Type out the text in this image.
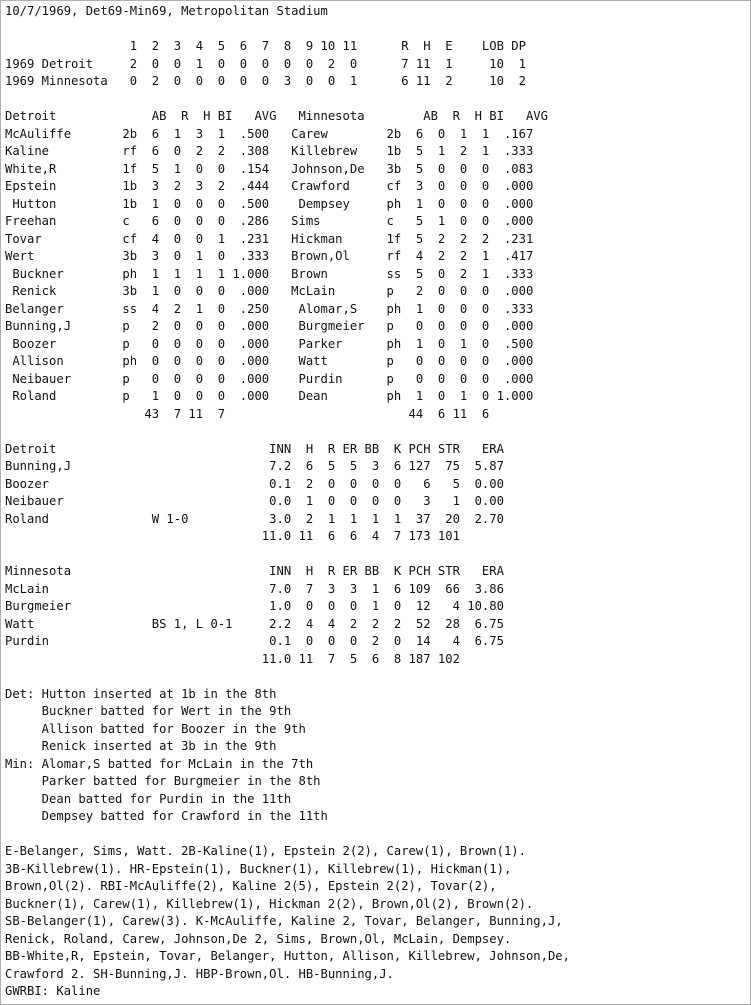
10/7/1969, Det69-Min69, Metropolitan Stadium
1  2  3  4  5  6  7  8  9 10 11      R  H  E    LOB DP
1969 Detroit     2  0  0  1  0  0  0  0  0  2  0      7 11  1     10  1
1969 Minnesota   0  2  0  0  0  0  0  3  0  0  1      6 11  2     10  2
Detroit             AB  R  H BI   AVG   Minnesota        AB  R  H BI   AVG
McAuliffe       2b  6  1  3  1  .500   Carew        2b  6  0  1  1  .167
Kaline          rf  6  0  2  2  .308   Killebrew    1b  5  1  2  1  .333
White,R         1f  5  1  0  0  .154   Johnson,De   3b  5  0  0  0  .083
Epstein         1b  3  2  3  2  .444   Crawford     cf  3  0  0  0  .000
Hutton         1b  1  0  0  0  .500    Dempsey     ph  1  0  0  0  .000
Freehan         c   6  0  0  0  .286   Sims         c   5  1  0  0  .000
Tovar           cf  4  0  0  1  .231   Hickman      1f  5  2  2  2  .231
Wert            3b  3  0  1  0  .333   Brown,Ol     rf  4  2  2  1  .417
Buckner        ph  1  1  1  1 1.000   Brown        ss  5  0  2  1  .333
Renick         3b  1  0  0  0  .000   McLain       p   2  0  0  0  .000
Belanger        ss  4  2  1  0  .250    Alomar,S    ph  1  0  0  0  .333
Bunning,J       p   2  0  0  0  .000    Burgmeier   p   0  0  0  0  .000
Boozer         p   0  0  0  0  .000    Parker      ph  1  0  1  0  .500
Allison        ph  0  0  0  0  .000    Watt        p   0  0  0  0  .000
Neibauer       p   0  0  0  0  .000    Purdin      p   0  0  0  0  .000
Roland         p   1  0  0  0  .000    Dean        ph  1  0  1  0 1.000
43  7 11  7                         44  6 11  6
Detroit                             INN  H  R ER BB  K PCH STR   ERA
Bunning,J                           7.2  6  5  5  3  6 127  75  5.87
Boozer                              0.1  2  0  0  0  0   6   5  0.00
Neibauer                            0.0  1  0  0  0  0   3   1  0.00
Roland              W 1-0           3.0  2  1  1  1  1  37  20  2.70
11.0 11  6  6  4  7 173 101
Minnesota                           INN  H  R ER BB  K PCH STR   ERA
McLain                              7.0  7  3  3  1  6 109  66  3.86
Burgmeier                           1.0  0  0  0  1  0  12   4 10.80
Watt                BS 1, L 0-1     2.2  4  4  2  2  2  52  28  6.75
Purdin                              0.1  0  0  0  2  0  14   4  6.75
11.0 11  7  5  6  8 187 102
Det: Hutton inserted at 1b in the 8th
Buckner batted for Wert in the 9th
Allison batted for Boozer in the 9th
Renick inserted at 3b in the 9th
Min: Alomar,S batted for McLain in the 7th
Parker batted for Burgmeier in the 8th
Dean batted for Purdin in the 11th
Dempsey batted for Crawford in the 11th
E-Belanger, Sims, Watt. 2B-Kaline(1), Epstein 2(2), Carew(1), Brown(1).
3B-Killebrew(1). HR-Epstein(1), Buckner(1), Killebrew(1), Hickman(1),
Brown,Ol(2). RBI-McAuliffe(2), Kaline 2(5), Epstein 2(2), Tovar(2),
Buckner(1), Carew(1), Killebrew(1), Hickman 2(2), Brown,Ol(2), Brown(2).
SB-Belanger(1), Carew(3). K-McAuliffe, Kaline 2, Tovar, Belanger, Bunning,J,
Renick, Roland, Carew, Johnson,De 2, Sims, Brown,Ol, McLain, Dempsey.
BB-White,R, Epstein, Tovar, Belanger, Hutton, Allison, Killebrew, Johnson,De,
Crawford 2. SH-Bunning,J. HBP-Brown,Ol. HB-Bunning,J.
GWRBI: Kaline
